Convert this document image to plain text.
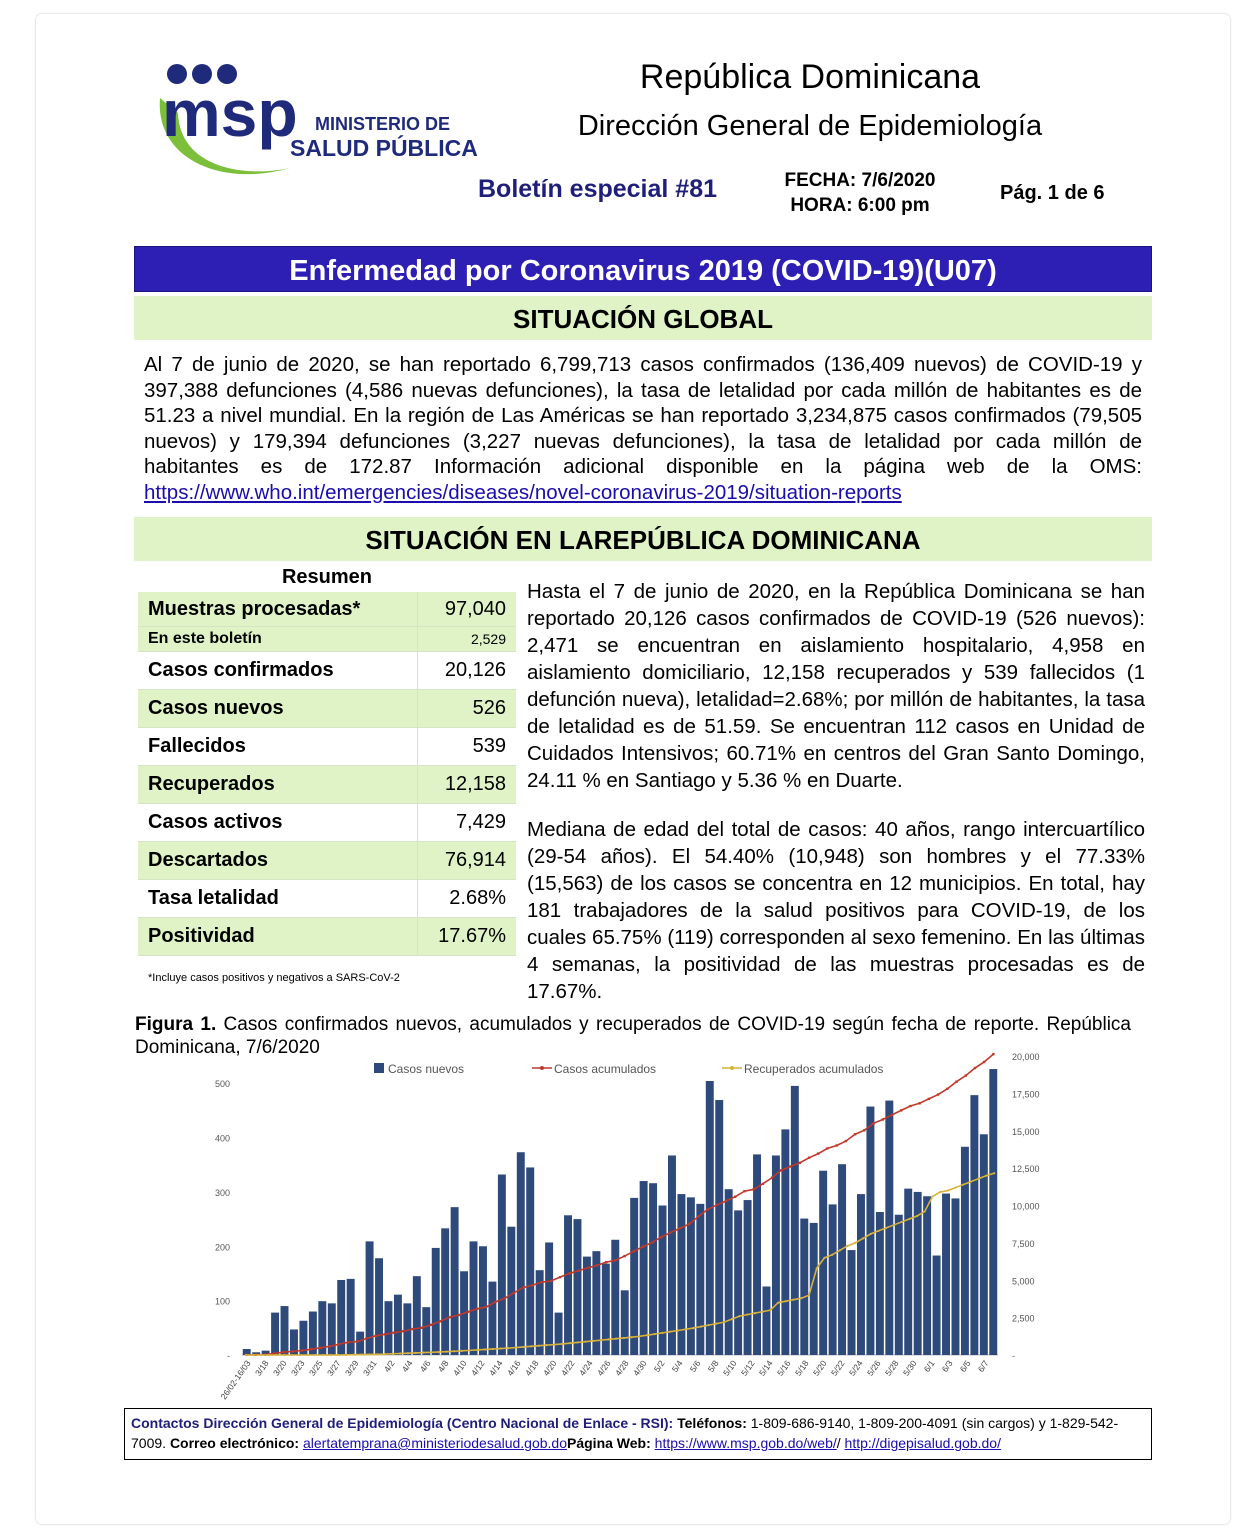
msp MINISTERIO DE
SALUD PÚBLICA
República Dominicana
Dirección General de Epidemiología
Boletín especial #81	FECHA: 7/6/2020
HORA: 6:00 pm
Pág. 1 de 6
Enfermedad por Coronavirus 2019 (COVID-19)(U07)
SITUACIÓN GLOBAL
Al 7 de junio de 2020, se han reportado 6,799,713 casos confirmados (136,409 nuevos) de COVID-19 y 397,388 defunciones (4,586 nuevas defunciones), la tasa de letalidad por cada millón de habitantes es de 51.23 a nivel mundial. En la región de Las Américas se han reportado 3,234,875 casos confirmados (79,505 nuevos) y 179,394 defunciones (3,227 nuevas defunciones), la tasa de letalidad por cada millón de habitantes es de 172.87 Información adicional disponible en la página web de la OMS: https://www.who.int/emergencies/diseases/novel-coronavirus-2019/situation-reports
SITUACIÓN EN LAREPÚBLICA DOMINICANA
Resumen
Muestras procesadas*	97,040
En este boletín	2,529
Casos confirmados	20,126
Casos nuevos	526
Fallecidos	539
Recuperados	12,158
Casos activos	7,429
Descartados	76,914
Tasa letalidad	2.68%
Positividad	17.67%
*Incluye casos positivos y negativos a SARS-CoV-2
Hasta el 7 de junio de 2020, en la República Dominicana se han reportado 20,126 casos confirmados de COVID-19 (526 nuevos): 2,471 se encuentran en aislamiento hospitalario, 4,958 en aislamiento domiciliario, 12,158 recuperados y 539 fallecidos (1 defunción nueva), letalidad=2.68%; por millón de habitantes, la tasa de letalidad es de 51.59. Se encuentran 112 casos en Unidad de Cuidados Intensivos; 60.71% en centros del Gran Santo Domingo, 24.11 % en Santiago y 5.36 % en Duarte.
Mediana de edad del total de casos: 40 años, rango intercuartílico (29-54 años). El 54.40% (10,948) son hombres y el 77.33% (15,563) de los casos se concentra en 12 municipios. En total, hay 181 trabajadores de la salud positivos para COVID-19, de los cuales 65.75% (119) corresponden al sexo femenino. En las últimas 4 semanas, la positividad de las muestras procesadas es de 17.67%.
Figura 1. Casos confirmados nuevos, acumulados y recuperados de COVID-19 según fecha de reporte. República Dominicana, 7/6/2020
-
100
200
300
400
500
-
2,500
5,000
7,500
10,000
12,500
15,000
17,500
20,000
26/02-16/03 3/18 3/20 3/23 3/25 3/27 3/29 3/31 4/2 4/4 4/6 4/8 4/10 4/12 4/14 4/16 4/18 4/20 4/22 4/24 4/26 4/28 4/30 5/2 5/4 5/6 5/8 5/10 5/12 5/14 5/16 5/18 5/20 5/22 5/24 5/26 5/28 5/30 6/1 6/3 6/5 6/7
Casos nuevos	Casos acumulados	Recuperados acumulados
Contactos Dirección General de Epidemiología (Centro Nacional de Enlace - RSI): Teléfonos: 1-809-686-9140, 1-809-200-4091 (sin cargos) y 1-829-542-7009. Correo electrónico: alertatemprana@ministeriodesalud.gob.doPágina Web: https://www.msp.gob.do/web// http://digepisalud.gob.do/
